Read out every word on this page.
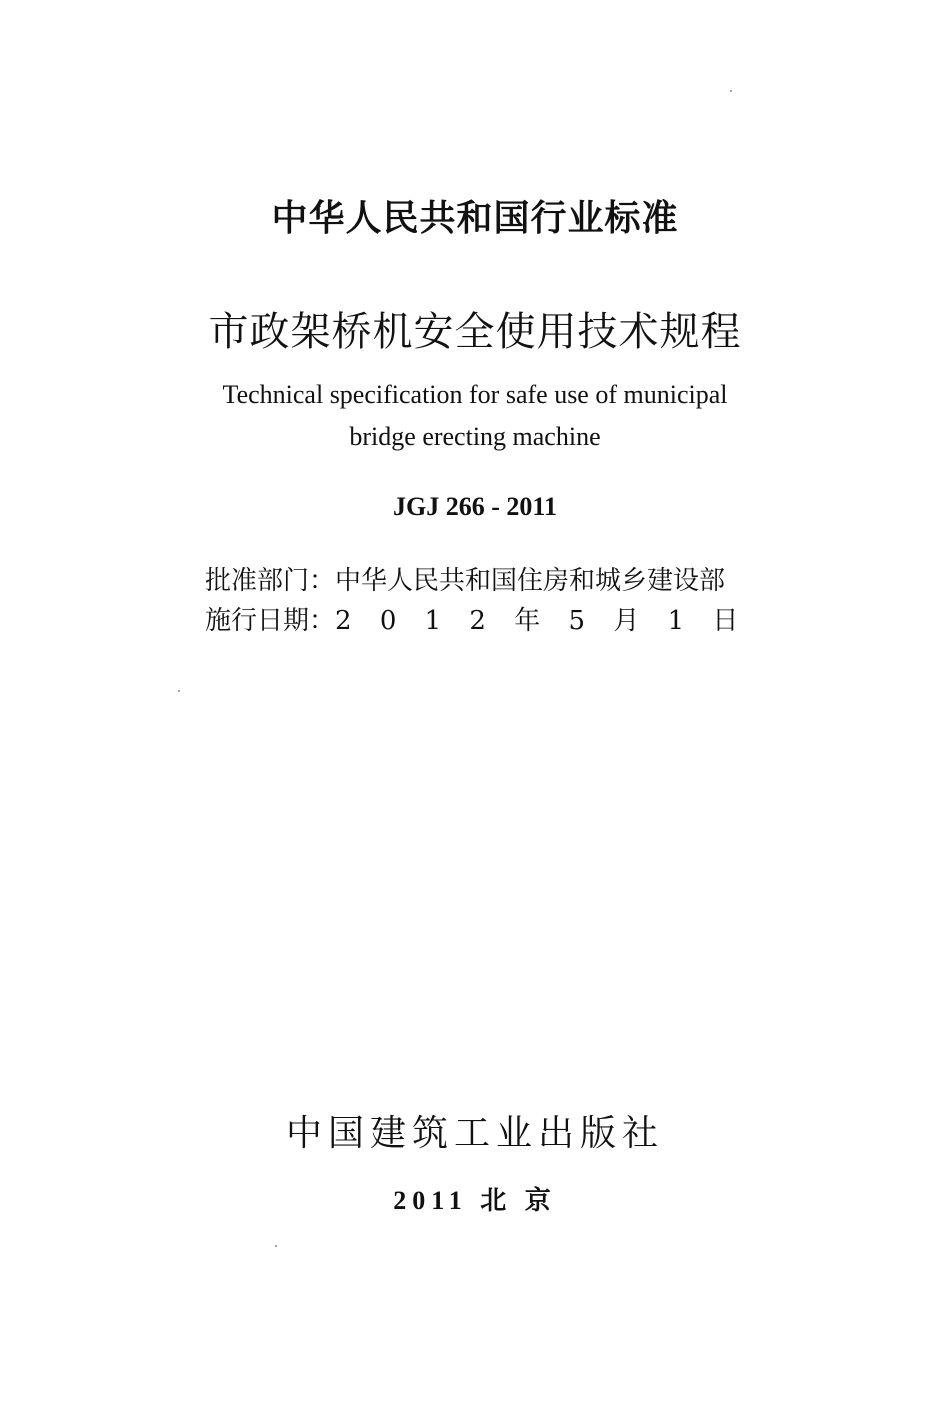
中华人民共和国行业标准
市政架桥机安全使用技术规程
Technical specification for safe use of municipal
bridge erecting machine
JGJ 266 - 2011
批准部门：中华人民共和国住房和城乡建设部
施行日期：2 0 1 2 年 5 月 1 日
中国建筑工业出版社
2011 北 京
